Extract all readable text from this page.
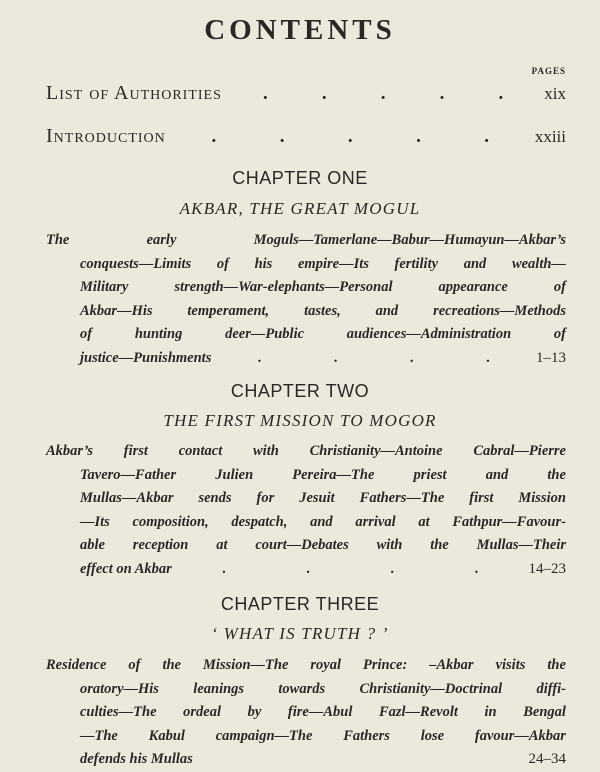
CONTENTS
PAGES
List of Authorities .	.	.	.	. xix
Introduction .	.	.	.	.	xxiii
CHAPTER ONE
AKBAR, THE GREAT MOGUL
The	early	Moguls—Tamerlane—Babur—Humayun—Akbar’s
conquests—Limits of his empire—Its fertility and wealth—
Military	strength—War-elephants—Personal	appearance	of
Akbar—His temperament, tastes, and recreations—Methods
of	hunting	deer—Public	audiences—Administration	of
justice—Punishments	.	.	.	.	1–13
CHAPTER TWO
THE FIRST MISSION TO MOGOR
Akbar’s first contact with Christianity—Antoine Cabral—Pierre
Tavero—Father	Julien	Pereira—The	priest	and	the
Mullas—Akbar sends for Jesuit Fathers—The first Mission
—Its composition, despatch, and arrival at Fathpur—Favour-
able reception at court—Debates with the Mullas—Their
effect on Akbar	.	.	.	.	14–23
CHAPTER THREE
‘ WHAT IS TRUTH ? ’
Residence of the Mission—The royal Prince: –Akbar visits the
oratory—His leanings towards Christianity—Doctrinal diffi-
culties—The ordeal by fire—Abul Fazl—Revolt in Bengal
—The Kabul campaign—The Fathers lose favour—Akbar
defends his Mullas	24–34
